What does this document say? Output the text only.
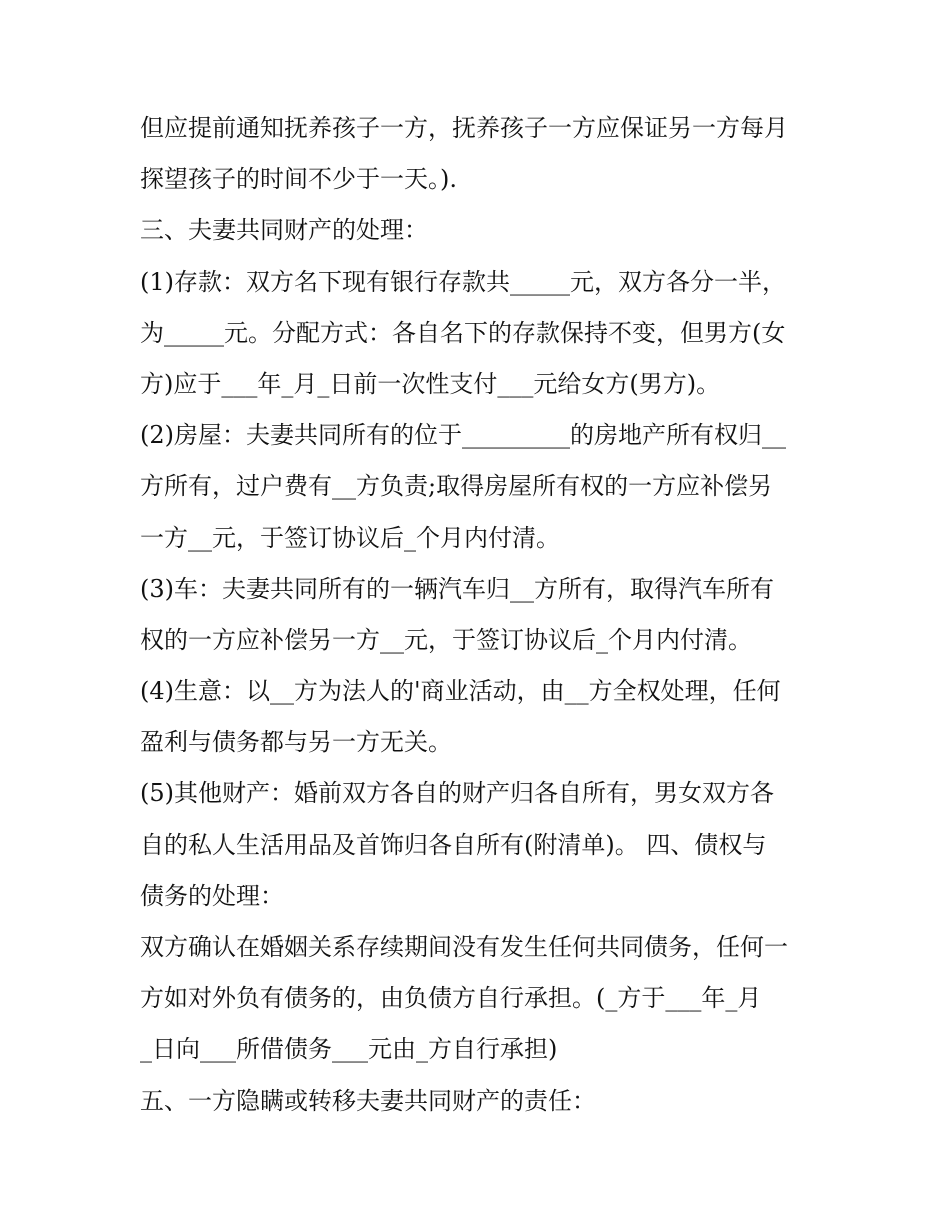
但应提前通知抚养孩子一方，抚养孩子一方应保证另一方每月
探望孩子的时间不少于一天。).
三、夫妻共同财产的处理：
(1)存款：双方名下现有银行存款共_____元，双方各分一半，
为_____元。分配方式：各自名下的存款保持不变，但男方(女
方)应于___年_月_日前一次性支付___元给女方(男方)。
(2)房屋：夫妻共同所有的位于_________的房地产所有权归__
方所有，过户费有__方负责;取得房屋所有权的一方应补偿另
一方__元，于签订协议后_个月内付清。
(3)车：夫妻共同所有的一辆汽车归__方所有，取得汽车所有
权的一方应补偿另一方__元，于签订协议后_个月内付清。
(4)生意：以__方为法人的'商业活动，由__方全权处理，任何
盈利与债务都与另一方无关。
(5)其他财产：婚前双方各自的财产归各自所有，男女双方各
自的私人生活用品及首饰归各自所有(附清单)。 四、债权与
债务的处理：
双方确认在婚姻关系存续期间没有发生任何共同债务，任何一
方如对外负有债务的，由负债方自行承担。(_方于___年_月
_日向___所借债务___元由_方自行承担)
五、一方隐瞒或转移夫妻共同财产的责任：
